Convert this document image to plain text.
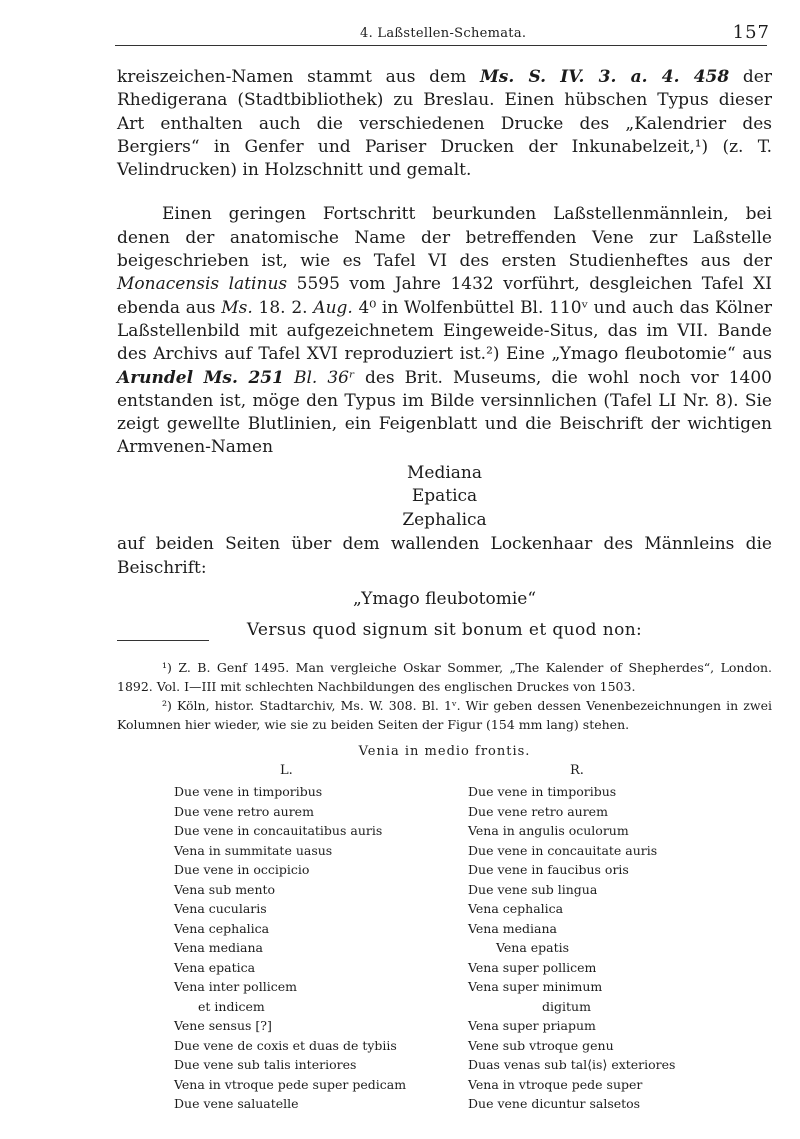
4. Laßstellen-Schemata.	157

kreiszeichen-Namen stammt aus dem Ms. S. IV. 3. a. 4. 458 der Rhedigerana (Stadtbibliothek) zu Breslau. Einen hübschen Typus dieser Art enthalten auch die verschiedenen Drucke des „Kalendrier des Bergiers“ in Genfer und Pariser Drucken der Inkunabelzeit,¹) (z. T. Velindrucken) in Holzschnitt und gemalt.

Einen geringen Fortschritt beurkunden Laßstellenmännlein, bei denen der anatomische Name der betreffenden Vene zur Laßstelle beigeschrieben ist, wie es Tafel VI des ersten Studienheftes aus der Monacensis latinus 5595 vom Jahre 1432 vorführt, desgleichen Tafel XI ebenda aus Ms. 18. 2. Aug. 4⁰ in Wolfenbüttel Bl. 110ᵛ und auch das Kölner Laßstellenbild mit aufgezeichnetem Eingeweide-Situs, das im VII. Bande des Archivs auf Tafel XVI reproduziert ist.²) Eine „Ymago fleubotomie“ aus Arundel Ms. 251 Bl. 36ʳ des Brit. Museums, die wohl noch vor 1400 entstanden ist, möge den Typus im Bilde versinnlichen (Tafel LI Nr. 8). Sie zeigt gewellte Blutlinien, ein Feigenblatt und die Beischrift der wichtigen Armvenen-Namen

Mediana
Epatica
Zephalica
auf beiden Seiten über dem wallenden Lockenhaar des Männleins die Beischrift:
„Ymago fleubotomie“
Versus quod signum sit bonum et quod non:

¹) Z. B. Genf 1495. Man vergleiche Oskar Sommer, „The Kalender of Shepherdes“, London. 1892. Vol. I—III mit schlechten Nachbildungen des englischen Druckes von 1503.

²) Köln, histor. Stadtarchiv, Ms. W. 308. Bl. 1ᵛ. Wir geben dessen Venenbezeichnungen in zwei Kolumnen hier wieder, wie sie zu beiden Seiten der Figur (154 mm lang) stehen.

Venia in medio frontis.
L.	R.
Due vene in timporibus
Due vene retro aurem
Due vene in concauitatibus auris
Vena in summitate uasus
Due vene in occipicio
Vena sub mento
Vena cucularis
Vena cephalica
Vena mediana
Vena epatica
Vena inter pollicem
et indicem
Vene sensus [?]
Due vene de coxis et duas de tybiis
Due vene sub talis interiores
Vena in vtroque pede super pedicam
Due vene saluatelle
Due vene in timporibus
Due vene retro aurem
Vena in angulis oculorum
Due vene in concauitate auris
Due vene in faucibus oris
Due vene sub lingua
Vena cephalica
Vena mediana
Vena epatis
Vena super pollicem
Vena super minimum
digitum
Vena super priapum
Vene sub vtroque genu
Duas venas sub tal⟨is⟩ exteriores
Vena in vtroque pede super
Due vene dicuntur salsetos
